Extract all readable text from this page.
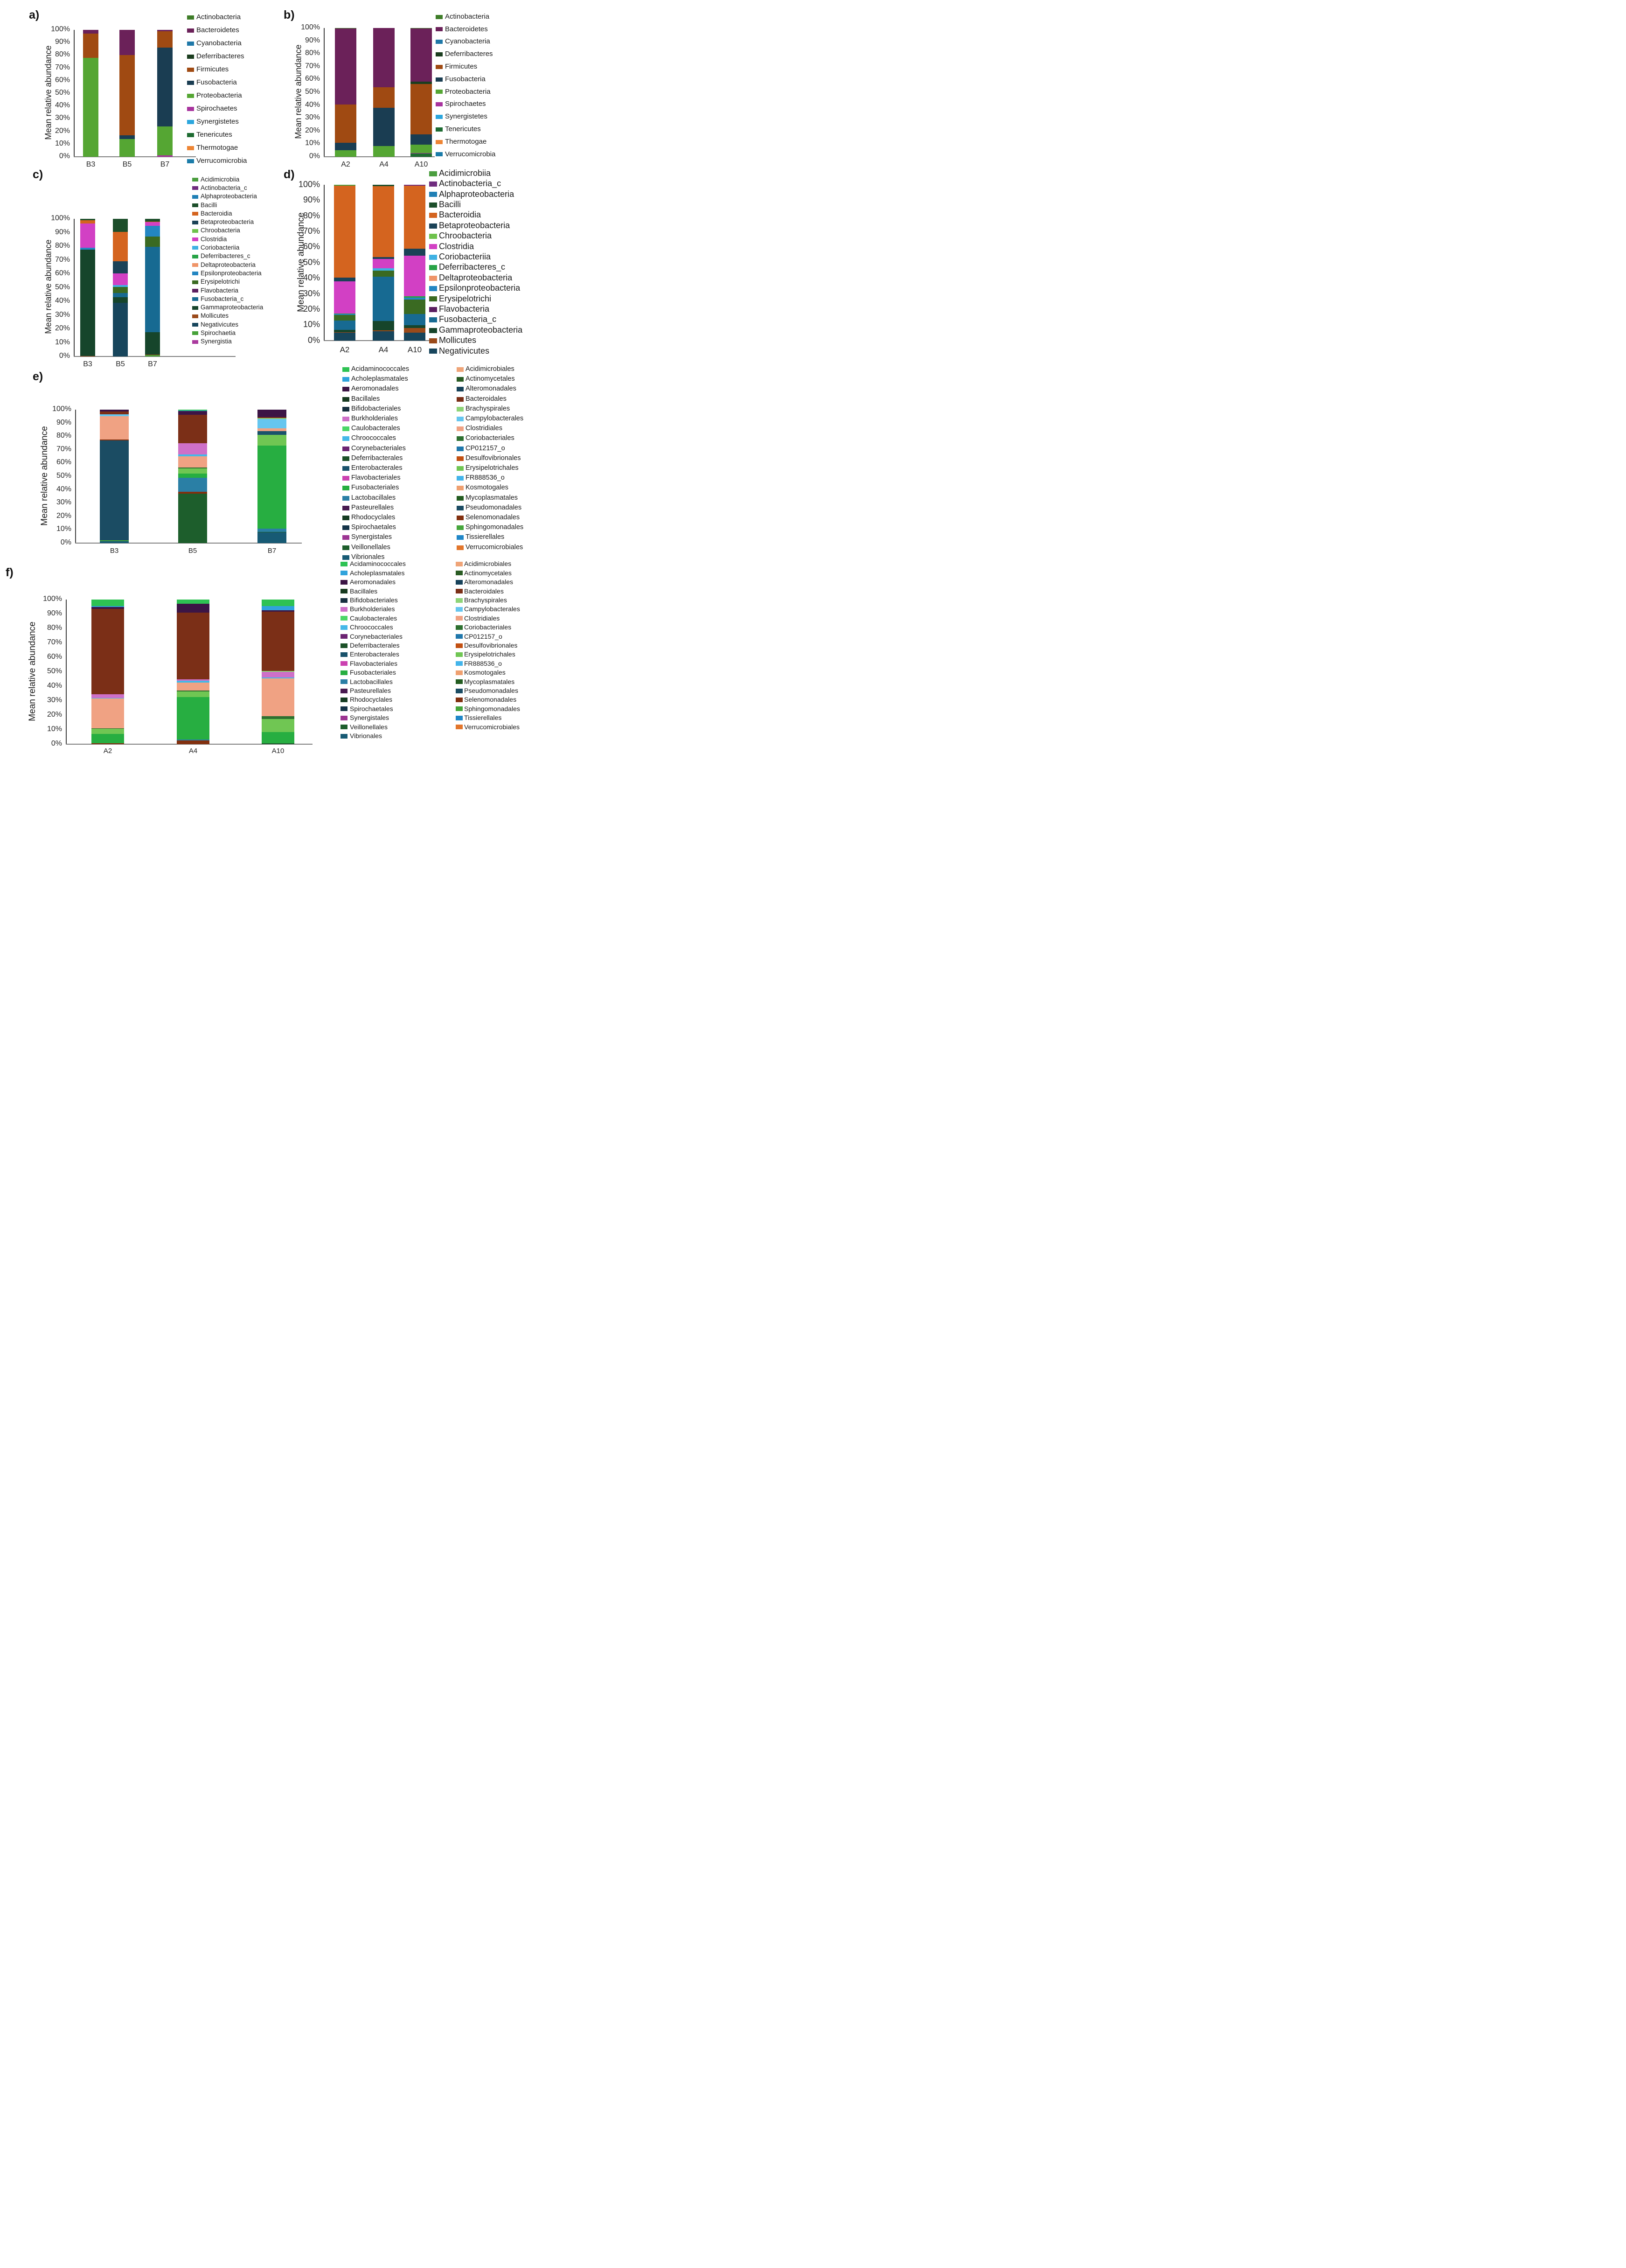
a)	b)
c)	d)
e)
f)
Mean relative abundance
100%
90%
80%
70%
60%
50%
40%
30%
20%
10%
0%
B3	B5	B7
Actinobacteria
Bacteroidetes
Cyanobacteria
Deferribacteres
Firmicutes
Fusobacteria
Proteobacteria
Spirochaetes
Synergistetes
Tenericutes
Thermotogae
Verrucomicrobia
Mean relative abundance
100%
90%
80%
70%
60%
50%
40%
30%
20%
10%
0%
A2	A4	A10
Actinobacteria
Bacteroidetes
Cyanobacteria
Deferribacteres
Firmicutes
Fusobacteria
Proteobacteria
Spirochaetes
Synergistetes
Tenericutes
Thermotogae
Verrucomicrobia
Mean relative abundance
100%
90%
80%
70%
60%
50%
40%
30%
20%
10%
0%
B3	B5	B7
Acidimicrobiia
Actinobacteria_c
Alphaproteobacteria
Bacilli
Bacteroidia
Betaproteobacteria
Chroobacteria
Clostridia
Coriobacteriia
Deferribacteres_c
Deltaproteobacteria
Epsilonproteobacteria
Erysipelotrichi
Flavobacteria
Fusobacteria_c
Gammaproteobacteria
Mollicutes
Negativicutes
Spirochaetia
Synergistia
Mean relative abundance
100%
90%
80%
70%
60%
50%
40%
30%
20%
10%
0%
A2	A4	A10
Acidimicrobiia
Actinobacteria_c
Alphaproteobacteria
Bacilli
Bacteroidia
Betaproteobacteria
Chroobacteria
Clostridia
Coriobacteriia
Deferribacteres_c
Deltaproteobacteria
Epsilonproteobacteria
Erysipelotrichi
Flavobacteria
Fusobacteria_c
Gammaproteobacteria
Mollicutes
Negativicutes
Mean relative abundance
100%
90%
80%
70%
60%
50%
40%
30%
20%
10%
0%
B3	B5	B7
Acidaminococcales
Acholeplasmatales
Aeromonadales
Bacillales
Bifidobacteriales
Burkholderiales
Caulobacterales
Chroococcales
Corynebacteriales
Deferribacterales
Enterobacterales
Flavobacteriales
Fusobacteriales
Lactobacillales
Pasteurellales
Rhodocyclales
Spirochaetales
Synergistales
Veillonellales
Vibrionales
Acidimicrobiales
Actinomycetales
Alteromonadales
Bacteroidales
Brachyspirales
Campylobacterales
Clostridiales
Coriobacteriales
CP012157_o
Desulfovibrionales
Erysipelotrichales
FR888536_o
Kosmotogales
Mycoplasmatales
Pseudomonadales
Selenomonadales
Sphingomonadales
Tissierellales
Verrucomicrobiales
Mean relative abundance
100%
90%
80%
70%
60%
50%
40%
30%
20%
10%
0%
A2	A4	A10
Acidaminococcales
Acholeplasmatales
Aeromonadales
Bacillales
Bifidobacteriales
Burkholderiales
Caulobacterales
Chroococcales
Corynebacteriales
Deferribacterales
Enterobacterales
Flavobacteriales
Fusobacteriales
Lactobacillales
Pasteurellales
Rhodocyclales
Spirochaetales
Synergistales
Veillonellales
Vibrionales
Acidimicrobiales
Actinomycetales
Alteromonadales
Bacteroidales
Brachyspirales
Campylobacterales
Clostridiales
Coriobacteriales
CP012157_o
Desulfovibrionales
Erysipelotrichales
FR888536_o
Kosmotogales
Mycoplasmatales
Pseudomonadales
Selenomonadales
Sphingomonadales
Tissierellales
Verrucomicrobiales
